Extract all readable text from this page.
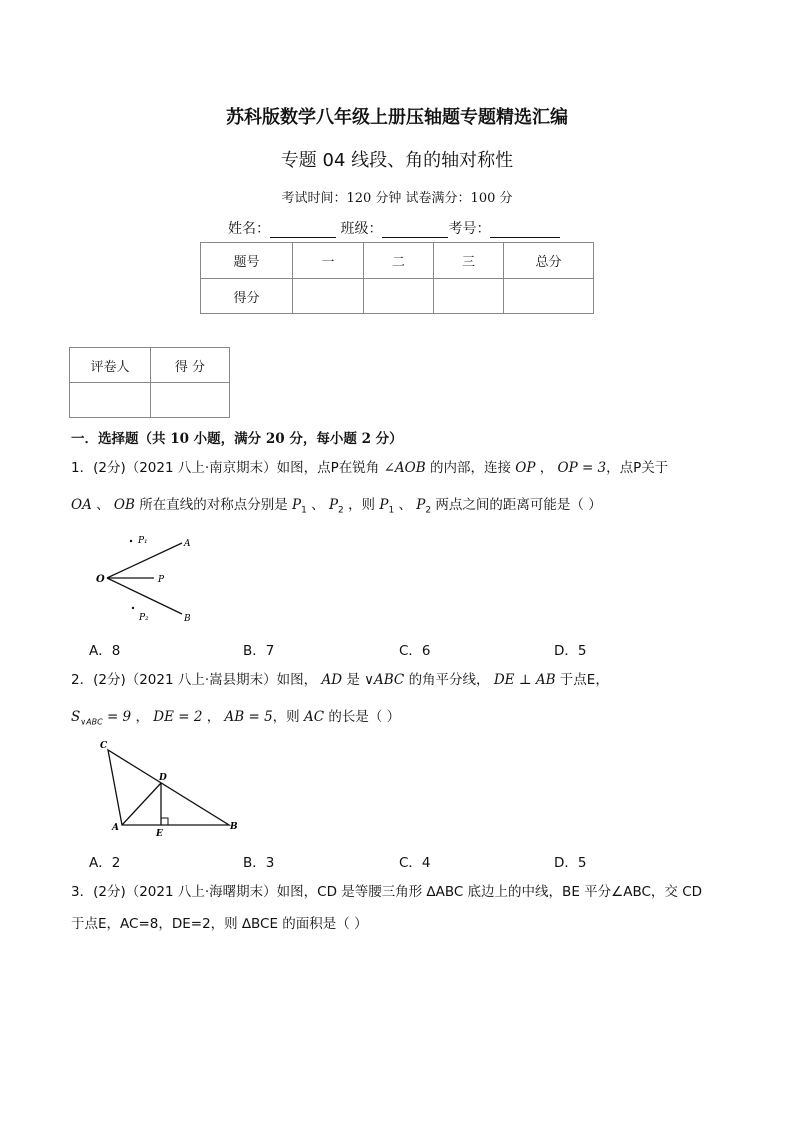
苏科版数学八年级上册压轴题专题精选汇编
专题 04 线段、角的轴对称性
考试时间：120 分钟 试卷满分：100 分
姓名：	班级：	考号：
题号	一	二	三	总分
得分				
评卷人	得 分

一．选择题（共 10 小题，满分 20 分，每小题 2 分）
1．(2分)（2021 八上·南京期末）如图，点P在锐角 ∠AOB 的内部，连接 OP ， OP = 3，点P关于
OA 、 OB 所在直线的对称点分别是 $P_1$ 、 $P_2$ ，则 $P_1$ 、 $P_2$ 两点之间的距离可能是（ ）
P₁	A
O	P
P₂	B
A．8	B．7	C．6	D．5
2．(2分)（2021 八上·嵩县期末）如图， AD 是 ∨ABC 的角平分线， DE ⊥ AB 于点E，
$S_{\vee ABC} = 9$ ， DE = 2 ， AB = 5，则 AC 的长是（ ）
C
D
A
E
B
A．2	B．3	C．4	D．5
3．(2分)（2021 八上·海曙期末）如图，CD 是等腰三角形 ∆ABC 底边上的中线，BE 平分∠ABC，交 CD
于点E，AC=8，DE=2，则 ∆BCE 的面积是（ ）
